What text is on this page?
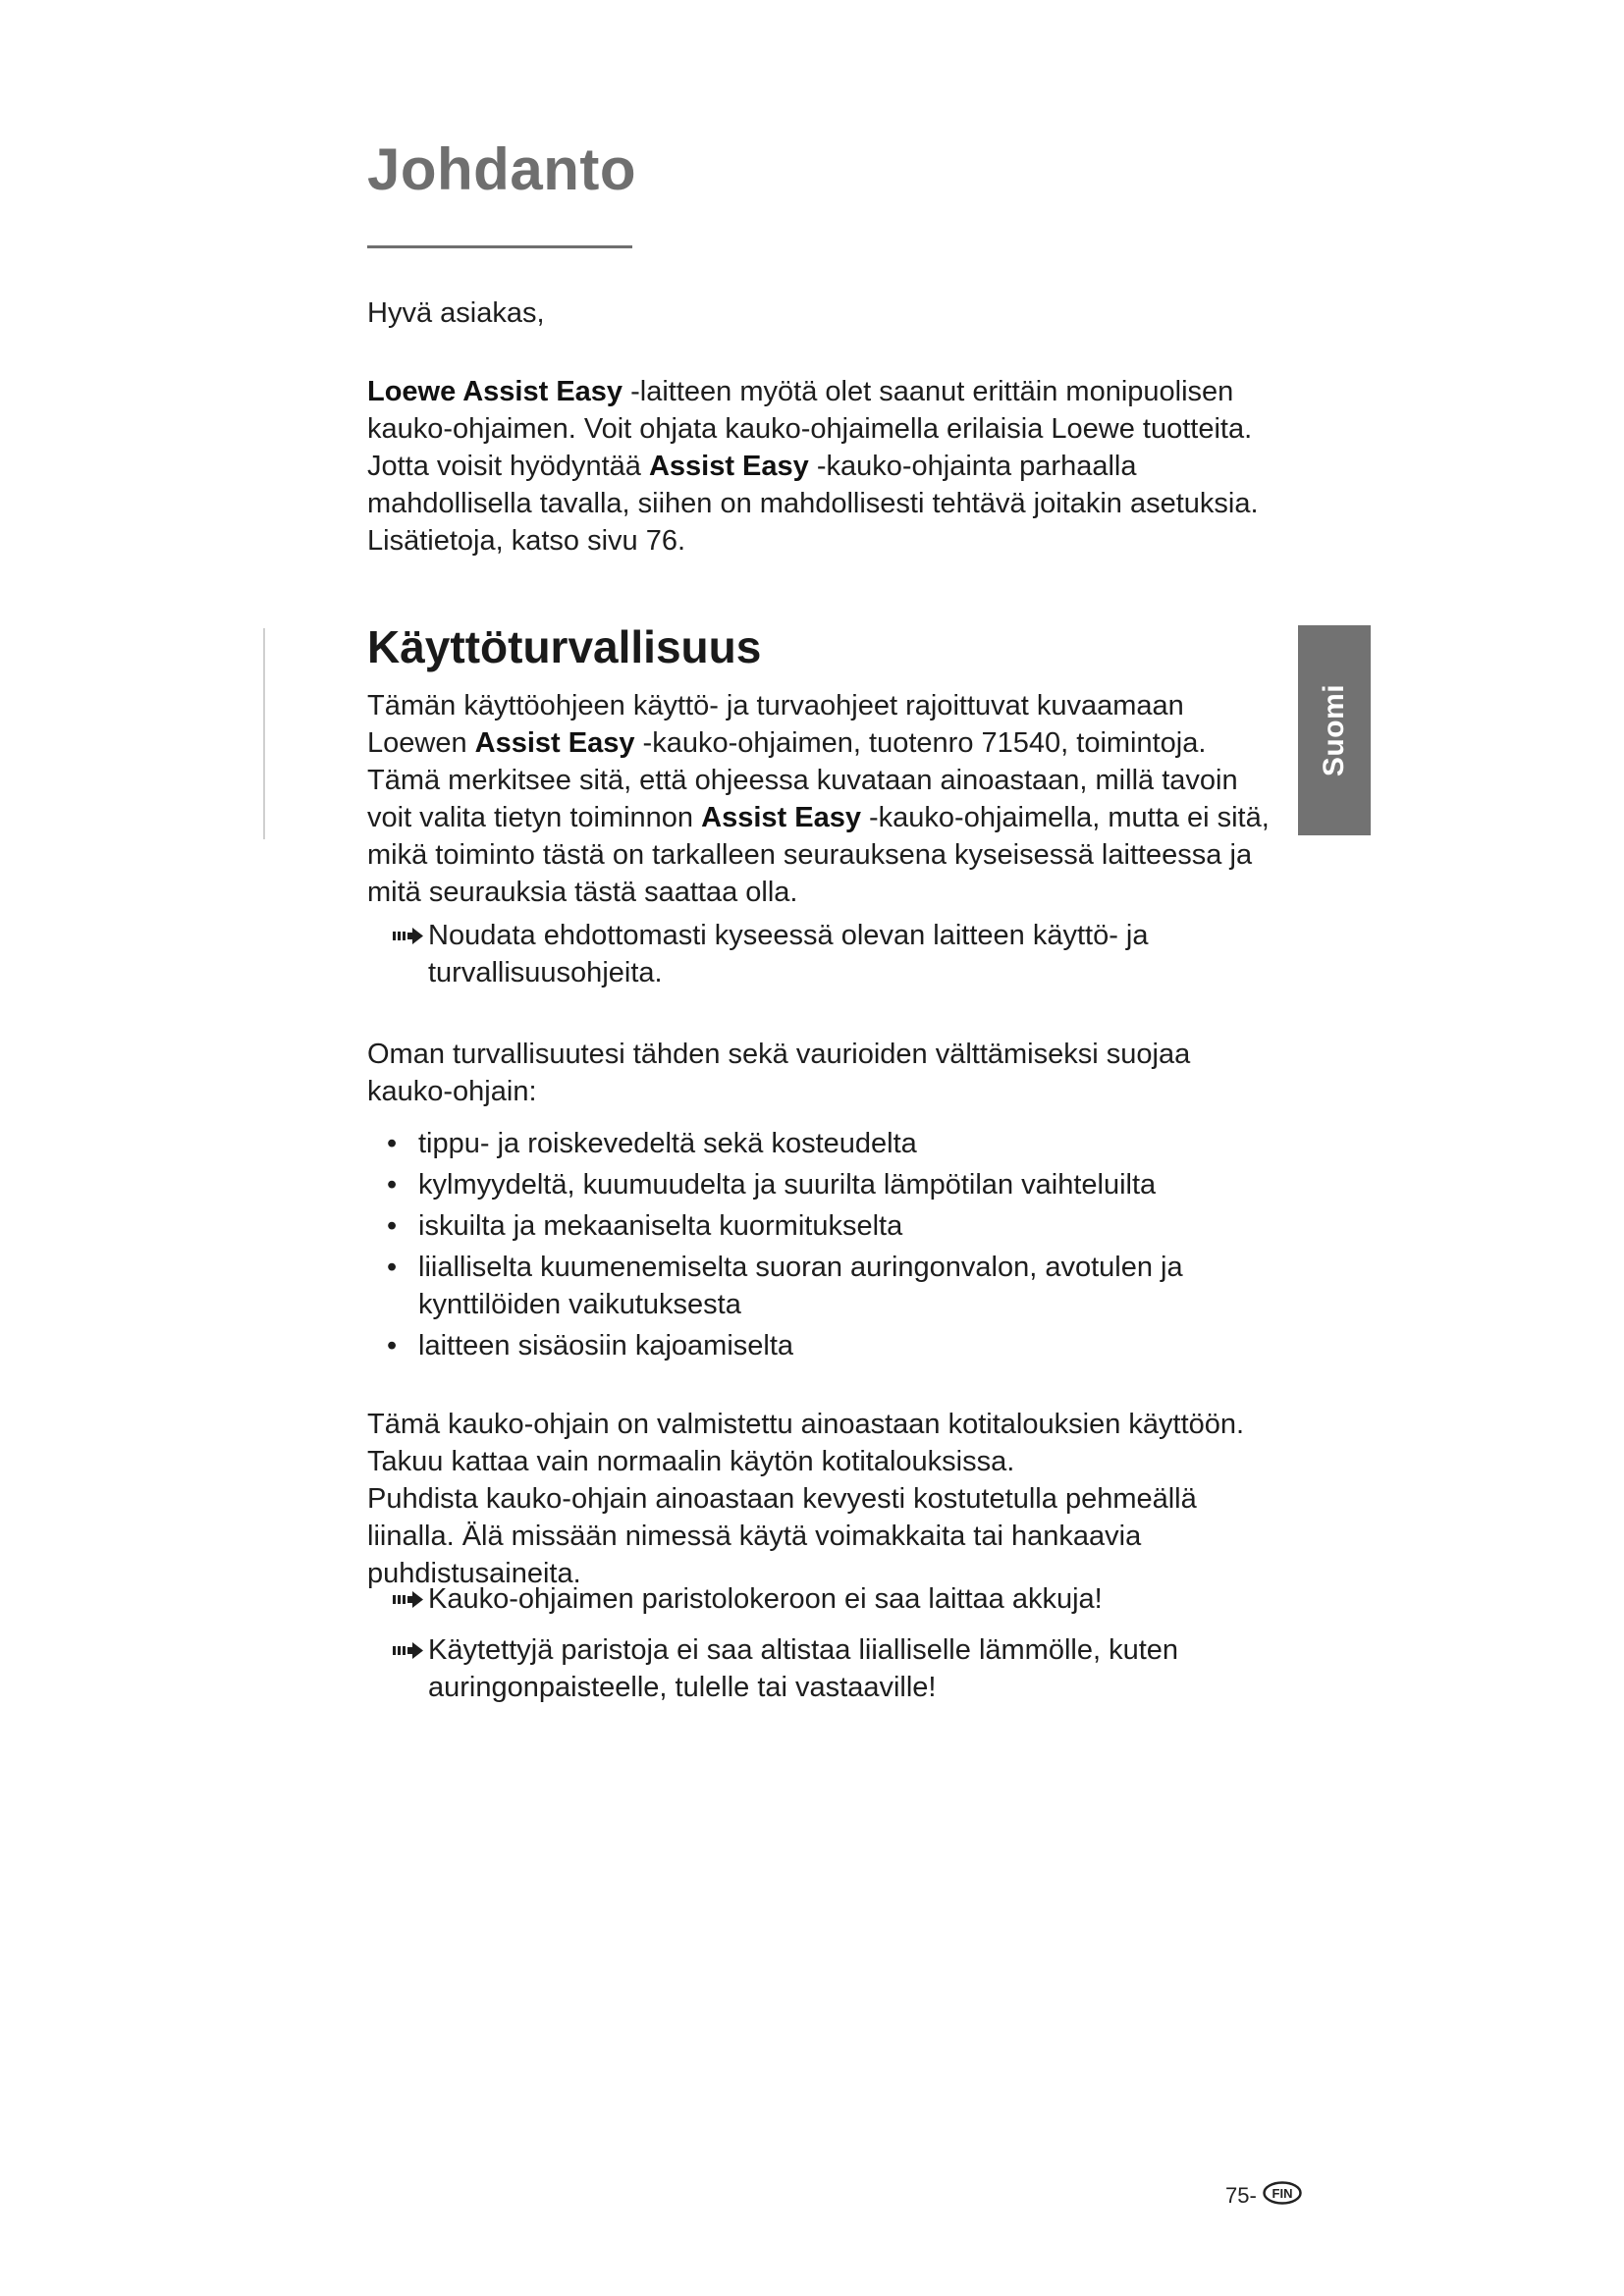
Johdanto

Hyvä asiakas,

Loewe Assist Easy -laitteen myötä olet saanut erittäin monipuolisen kauko-ohjaimen. Voit ohjata kauko-ohjaimella erilaisia Loewe tuotteita.

Jotta voisit hyödyntää Assist Easy -kauko-ohjainta parhaalla mahdollisella tavalla, siihen on mahdollisesti tehtävä joitakin asetuksia. Lisätietoja, katso sivu 76.

Käyttöturvallisuus

Tämän käyttöohjeen käyttö- ja turvaohjeet rajoittuvat kuvaamaan Loewen Assist Easy -kauko-ohjaimen, tuotenro 71540, toimintoja. Tämä merkitsee sitä, että ohjeessa kuvataan ainoastaan, millä tavoin voit valita tietyn toiminnon Assist Easy -kauko-ohjaimella, mutta ei sitä, mikä toiminto tästä on tarkalleen seurauksena kyseisessä laitteessa ja mitä seurauksia tästä saattaa olla.

Noudata ehdottomasti kyseessä olevan laitteen käyttö- ja turvallisuusohjeita.

Oman turvallisuutesi tähden sekä vaurioiden välttämiseksi suojaa kauko-ohjain:

• tippu- ja roiskevedeltä sekä kosteudelta
• kylmyydeltä, kuumuudelta ja suurilta lämpötilan vaihteluilta
• iskuilta ja mekaaniselta kuormitukselta
• liialliselta kuumenemiselta suoran auringonvalon, avotulen ja kynttilöiden vaikutuksesta
• laitteen sisäosiin kajoamiselta

Tämä kauko-ohjain on valmistettu ainoastaan kotitalouksien käyttöön. Takuu kattaa vain normaalin käytön kotitalouksissa.

Puhdista kauko-ohjain ainoastaan kevyesti kostutetulla pehmeällä liinalla. Älä missään nimessä käytä voimakkaita tai hankaavia puhdistusaineita.

Kauko-ohjaimen paristolokeroon ei saa laittaa akkuja!
Käytettyjä paristoja ei saa altistaa liialliselle lämmölle, kuten auringonpaisteelle, tulelle tai vastaaville!
Suomi
75- FIN
